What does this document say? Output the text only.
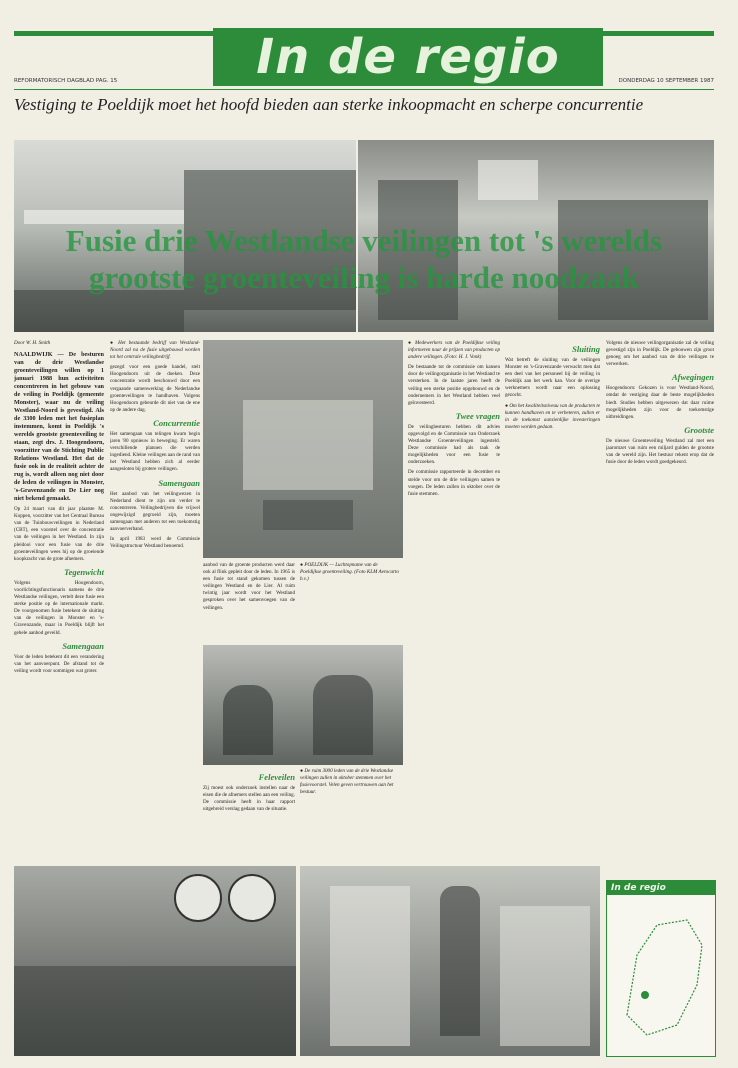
In de regio
REFORMATORISCH DAGBLAD PAG. 15	DONDERDAG 10 SEPTEMBER 1987
Vestiging te Poeldijk moet het hoofd bieden aan sterke inkoopmacht en scherpe concurrentie
Fusie drie Westlandse veilingen tot 's werelds
grootste groenteveiling is harde noodzaak

Door W. H. Smith

NAALDWIJK — De besturen van de drie Westlandse groenteveilingen willen op 1 januari 1988 hun activiteiten concentreren in het gebouw van de veiling in Poeldijk (gemeente Monster), waar nu de veiling Westland-Noord is gevestigd. Als de 3300 leden met het fusieplan instemmen, komt in Poeldijk 's werelds grootste groenteveiling te staan, zegt drs. J. Hoogendoorn, voorzitter van de Stichting Public Relations Westland. Het dat de fusie ook in de realiteit achter de rug is, wordt alleen nog niet door de leden de veilingen in Monster, 's-Gravenzande en De Lier nog niet bekend gemaakt.

Op 24 maart van dit jaar plaatste M. Koppen, voorzitter van het Centraal Bureau van de Tuinbouwveilingen in Nederland (CBT), een voorstel over de concentratie van de veilingen in het Westland. In zijn pleidooi voor een fusie van de drie groenteveilingen wees hij op de groeiende koopkracht van de grote afnemers.

Tegenwicht

Volgens Hoogendoorn, voorlichtingsfunctionaris namens de drie Westlandse veilingen, vertelt deze fusie een sterke positie op de internationale markt. De voorgenomen fusie betekent de sluiting van de veilingen in Monster en 's-Gravenzande, maar in Poeldijk blijft het gehele aanbod geveild.

Samengaan

Voor de leden betekent dit een verandering van het aanvoerpunt. De afstand tot de veiling wordt voor sommigen wat groter.

● Het bestaande bedrijf van Westland-Noord zal na de fusie uitgebouwd worden tot het centrale veilingbedrijf.

gezegd voor een goede handel, stelt Hoogendoorn uit de doeken. Deze concentratie wordt beschouwd door een vergaande samenwerking de Nederlandse groenteveilingen te handhaven. Volgens Hoogendoorn gebeurde dit niet van de ene op de andere dag.

Concurrentie

Het samengaan van telingen kwam begin jaren '80 opnieuw in beweging. Er waren verschillende plannen die werden ingediend. Kleine veilingen aan de rand van het Westland hebben zich al eerder aangesloten bij grotere veilingen.

Samengaan

Het aanbod van het veilingwezen in Nederland dient te zijn om verder te concentreren. Veilingbedrijven die vrijwel ongewijzigd gegroeid zijn, moeten samengaan met anderen tot een toekomstig aanvoerverband.

In april 1983 werd de Commissie Veilingstructuur Westland benoemd.

● POELDIJK — Luchtopname van de Poeldijkse groenteveiling. (Foto KLM Aerocarto b.v.)

aanbod van de groente producten werd daar ook al flink gepleit door de leden. In 1965 is een fusie tot stand gekomen tussen de veilingen Westland en de Lier. Al ruim twintig jaar wordt voor het Westland gesproken over het samenvoegen van de veilingen.

● De ruim 3000 leden van de drie Westlandse veilingen zullen in oktober stemmen over het fusievoorstel. Velen geven vertrouwen aan het bestuur.
Feleveilen

Zij moest ook onderzoek instellen naar de eisen die de afnemers stellen aan een veiling. De commissie heeft in haar rapport uitgebreid verslag gedaan van de situatie.

● Medewerkers van de Poeldijkse veiling informeren naar de prijzen van producten op andere veilingen. (Foto: H. J. Vonk)

De bestaande tot de commissie om kansen door de veilingorganisatie in het Westland te versterken. In de laatste jaren heeft de veiling een sterke positie opgebouwd en de ondernemers in het Westland hebben veel geïnvesteerd.

Twee vragen

De veilingbesturen hebben dit advies opgevolgd en de Commissie van Onderzoek Westlandse Groenteveilingen ingesteld. Deze commissie had als taak de mogelijkheden voor een fusie te onderzoeken.

De commissie rapporteerde in december en stelde voor om de drie veilingen samen te voegen. De leden zullen in oktober over de fusie stemmen.

Sluiting

Wat betreft de sluiting van de veilingen Monster en 's-Gravenzande verwacht men dat een deel van het personeel bij de veiling in Poeldijk aan het werk kan. Voor de overige werknemers wordt naar een oplossing gezocht.

● Om het kwaliteitsniveau van de producten te kunnen handhaven en te verbeteren, zullen er in de toekomst aanzienlijke investeringen moeten worden gedaan.

Volgens de nieuwe veilingorganisatie zal de veiling gevestigd zijn in Poeldijk. De gebouwen zijn groot genoeg om het aanbod van de drie veilingen te verwerken.

Afwegingen

Hoogendoorn: Gekozen is voor Westland-Noord, omdat de vestiging daar de beste mogelijkheden biedt. Studies hebben uitgewezen dat daar ruime mogelijkheden zijn voor de toekomstige uitbreidingen.

Grootste

De nieuwe Groenteveiling Westland zal met een jaaromzet van ruim een miljard gulden de grootste van de wereld zijn. Het bestuur rekent erop dat de fusie door de leden wordt goedgekeurd.

In de regio
